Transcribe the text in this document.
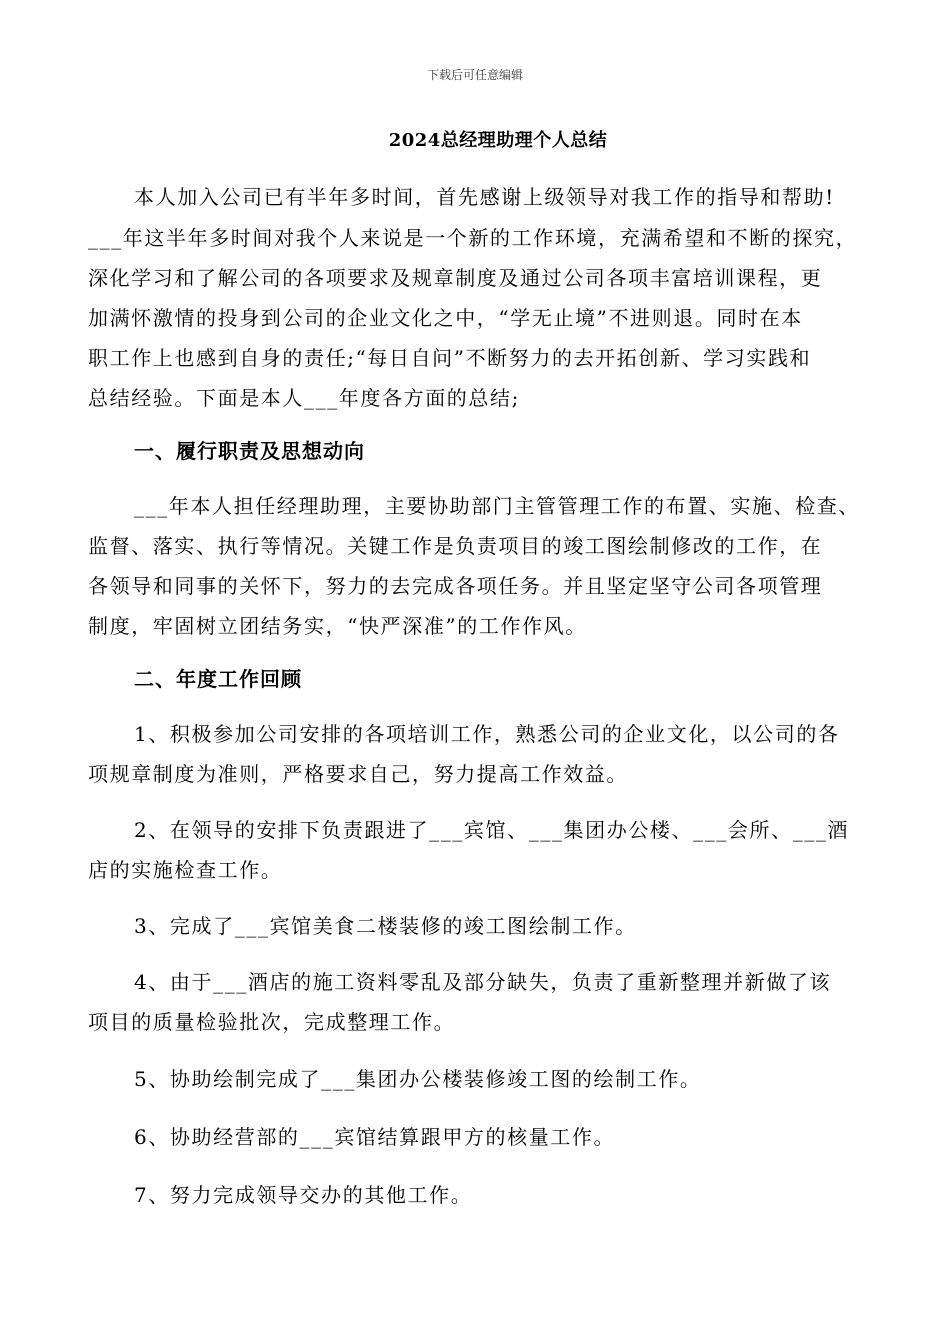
下载后可任意编辑
2024总经理助理个人总结
本人加入公司已有半年多时间，首先感谢上级领导对我工作的指导和帮助!
___年这半年多时间对我个人来说是一个新的工作环境，充满希望和不断的探究，
深化学习和了解公司的各项要求及规章制度及通过公司各项丰富培训课程，更
加满怀激情的投身到公司的企业文化之中，“学无止境”不进则退。同时在本
职工作上也感到自身的责任;“每日自问”不断努力的去开拓创新、学习实践和
总结经验。下面是本人___年度各方面的总结;
一、履行职责及思想动向
___年本人担任经理助理，主要协助部门主管管理工作的布置、实施、检查、
监督、落实、执行等情况。关键工作是负责项目的竣工图绘制修改的工作，在
各领导和同事的关怀下，努力的去完成各项任务。并且坚定坚守公司各项管理
制度，牢固树立团结务实，“快严深准”的工作作风。
二、年度工作回顾
1、积极参加公司安排的各项培训工作，熟悉公司的企业文化，以公司的各
项规章制度为准则，严格要求自己，努力提高工作效益。
2、在领导的安排下负责跟进了___宾馆、___集团办公楼、___会所、___酒
店的实施检查工作。
3、完成了___宾馆美食二楼装修的竣工图绘制工作。
4、由于___酒店的施工资料零乱及部分缺失，负责了重新整理并新做了该
项目的质量检验批次，完成整理工作。
5、协助绘制完成了___集团办公楼装修竣工图的绘制工作。
6、协助经营部的___宾馆结算跟甲方的核量工作。
7、努力完成领导交办的其他工作。
